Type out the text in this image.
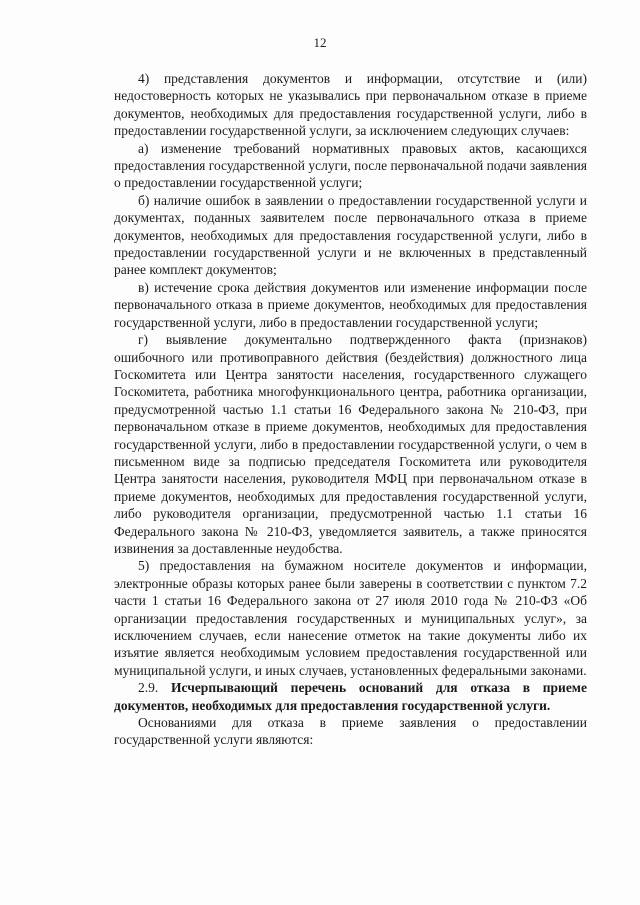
12

4) представления документов и информации, отсутствие и (или) недостоверность которых не указывались при первоначальном отказе в приеме документов, необходимых для предоставления государственной услуги, либо в предоставлении государственной услуги, за исключением следующих случаев:

а) изменение требований нормативных правовых актов, касающихся предоставления государственной услуги, после первоначальной подачи заявления о предоставлении государственной услуги;

б) наличие ошибок в заявлении о предоставлении государственной услуги и документах, поданных заявителем после первоначального отказа в приеме документов, необходимых для предоставления государственной услуги, либо в предоставлении государственной услуги и не включенных в представленный ранее комплект документов;

в) истечение срока действия документов или изменение информации после первоначального отказа в приеме документов, необходимых для предоставления государственной услуги, либо в предоставлении государственной услуги;

г) выявление документально подтвержденного факта (признаков) ошибочного или противоправного действия (бездействия) должностного лица Госкомитета или Центра занятости населения, государственного служащего Госкомитета, работника многофункционального центра, работника организации, предусмотренной частью 1.1 статьи 16 Федерального закона № 210-ФЗ, при первоначальном отказе в приеме документов, необходимых для предоставления государственной услуги, либо в предоставлении государственной услуги, о чем в письменном виде за подписью председателя Госкомитета или руководителя Центра занятости населения, руководителя МФЦ при первоначальном отказе в приеме документов, необходимых для предоставления государственной услуги, либо руководителя организации, предусмотренной частью 1.1 статьи 16 Федерального закона № 210-ФЗ, уведомляется заявитель, а также приносятся извинения за доставленные неудобства.

5) предоставления на бумажном носителе документов и информации, электронные образы которых ранее были заверены в соответствии с пунктом 7.2 части 1 статьи 16 Федерального закона от 27 июля 2010 года № 210-ФЗ «Об организации предоставления государственных и муниципальных услуг», за исключением случаев, если нанесение отметок на такие документы либо их изъятие является необходимым условием предоставления государственной или муниципальной услуги, и иных случаев, установленных федеральными законами.

2.9. Исчерпывающий перечень оснований для отказа в приеме документов, необходимых для предоставления государственной услуги.

Основаниями для отказа в приеме заявления о предоставлении государственной услуги являются:
